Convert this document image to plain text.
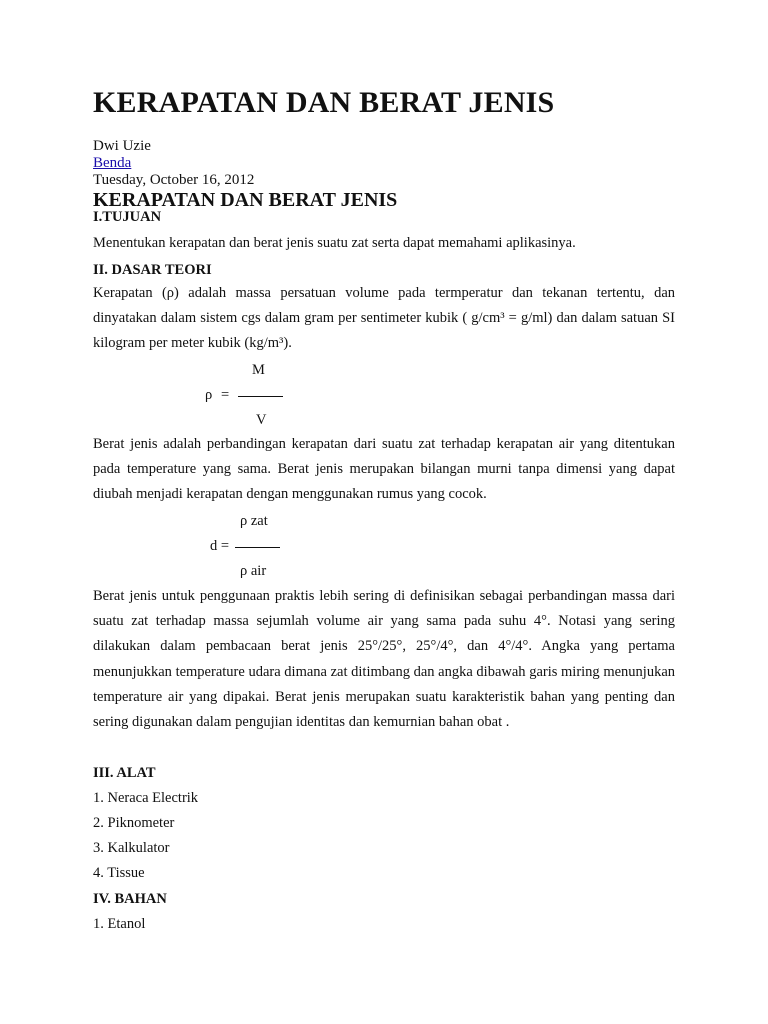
KERAPATAN DAN BERAT JENIS
Dwi Uzie
Benda
Tuesday, October 16, 2012
KERAPATAN DAN BERAT JENIS
I.TUJUAN
Menentukan kerapatan dan berat jenis suatu zat serta dapat memahami aplikasinya.
II. DASAR TEORI
Kerapatan (ρ) adalah massa persatuan volume pada termperatur dan tekanan tertentu, dan dinyatakan dalam sistem cgs dalam gram per sentimeter kubik ( g/cm³ = g/ml) dan dalam satuan SI kilogram per meter kubik (kg/m³).
M
ρ =
V
Berat jenis adalah perbandingan kerapatan dari suatu zat terhadap kerapatan air yang ditentukan pada temperature yang sama. Berat jenis merupakan bilangan murni tanpa dimensi yang dapat diubah menjadi kerapatan dengan menggunakan rumus yang cocok.
ρ zat
d =
ρ air
Berat jenis untuk penggunaan praktis lebih sering di definisikan sebagai perbandingan massa dari suatu zat terhadap massa sejumlah volume air yang sama pada suhu 4°. Notasi yang sering dilakukan dalam pembacaan berat jenis 25°/25°, 25°/4°, dan 4°/4°. Angka yang pertama menunjukkan temperature udara dimana zat ditimbang dan angka dibawah garis miring menunjukan temperature air yang dipakai. Berat jenis merupakan suatu karakteristik bahan yang penting dan sering digunakan dalam pengujian identitas dan kemurnian bahan obat .
III. ALAT
1. Neraca Electrik
2. Piknometer
3. Kalkulator
4. Tissue
IV. BAHAN
1. Etanol
